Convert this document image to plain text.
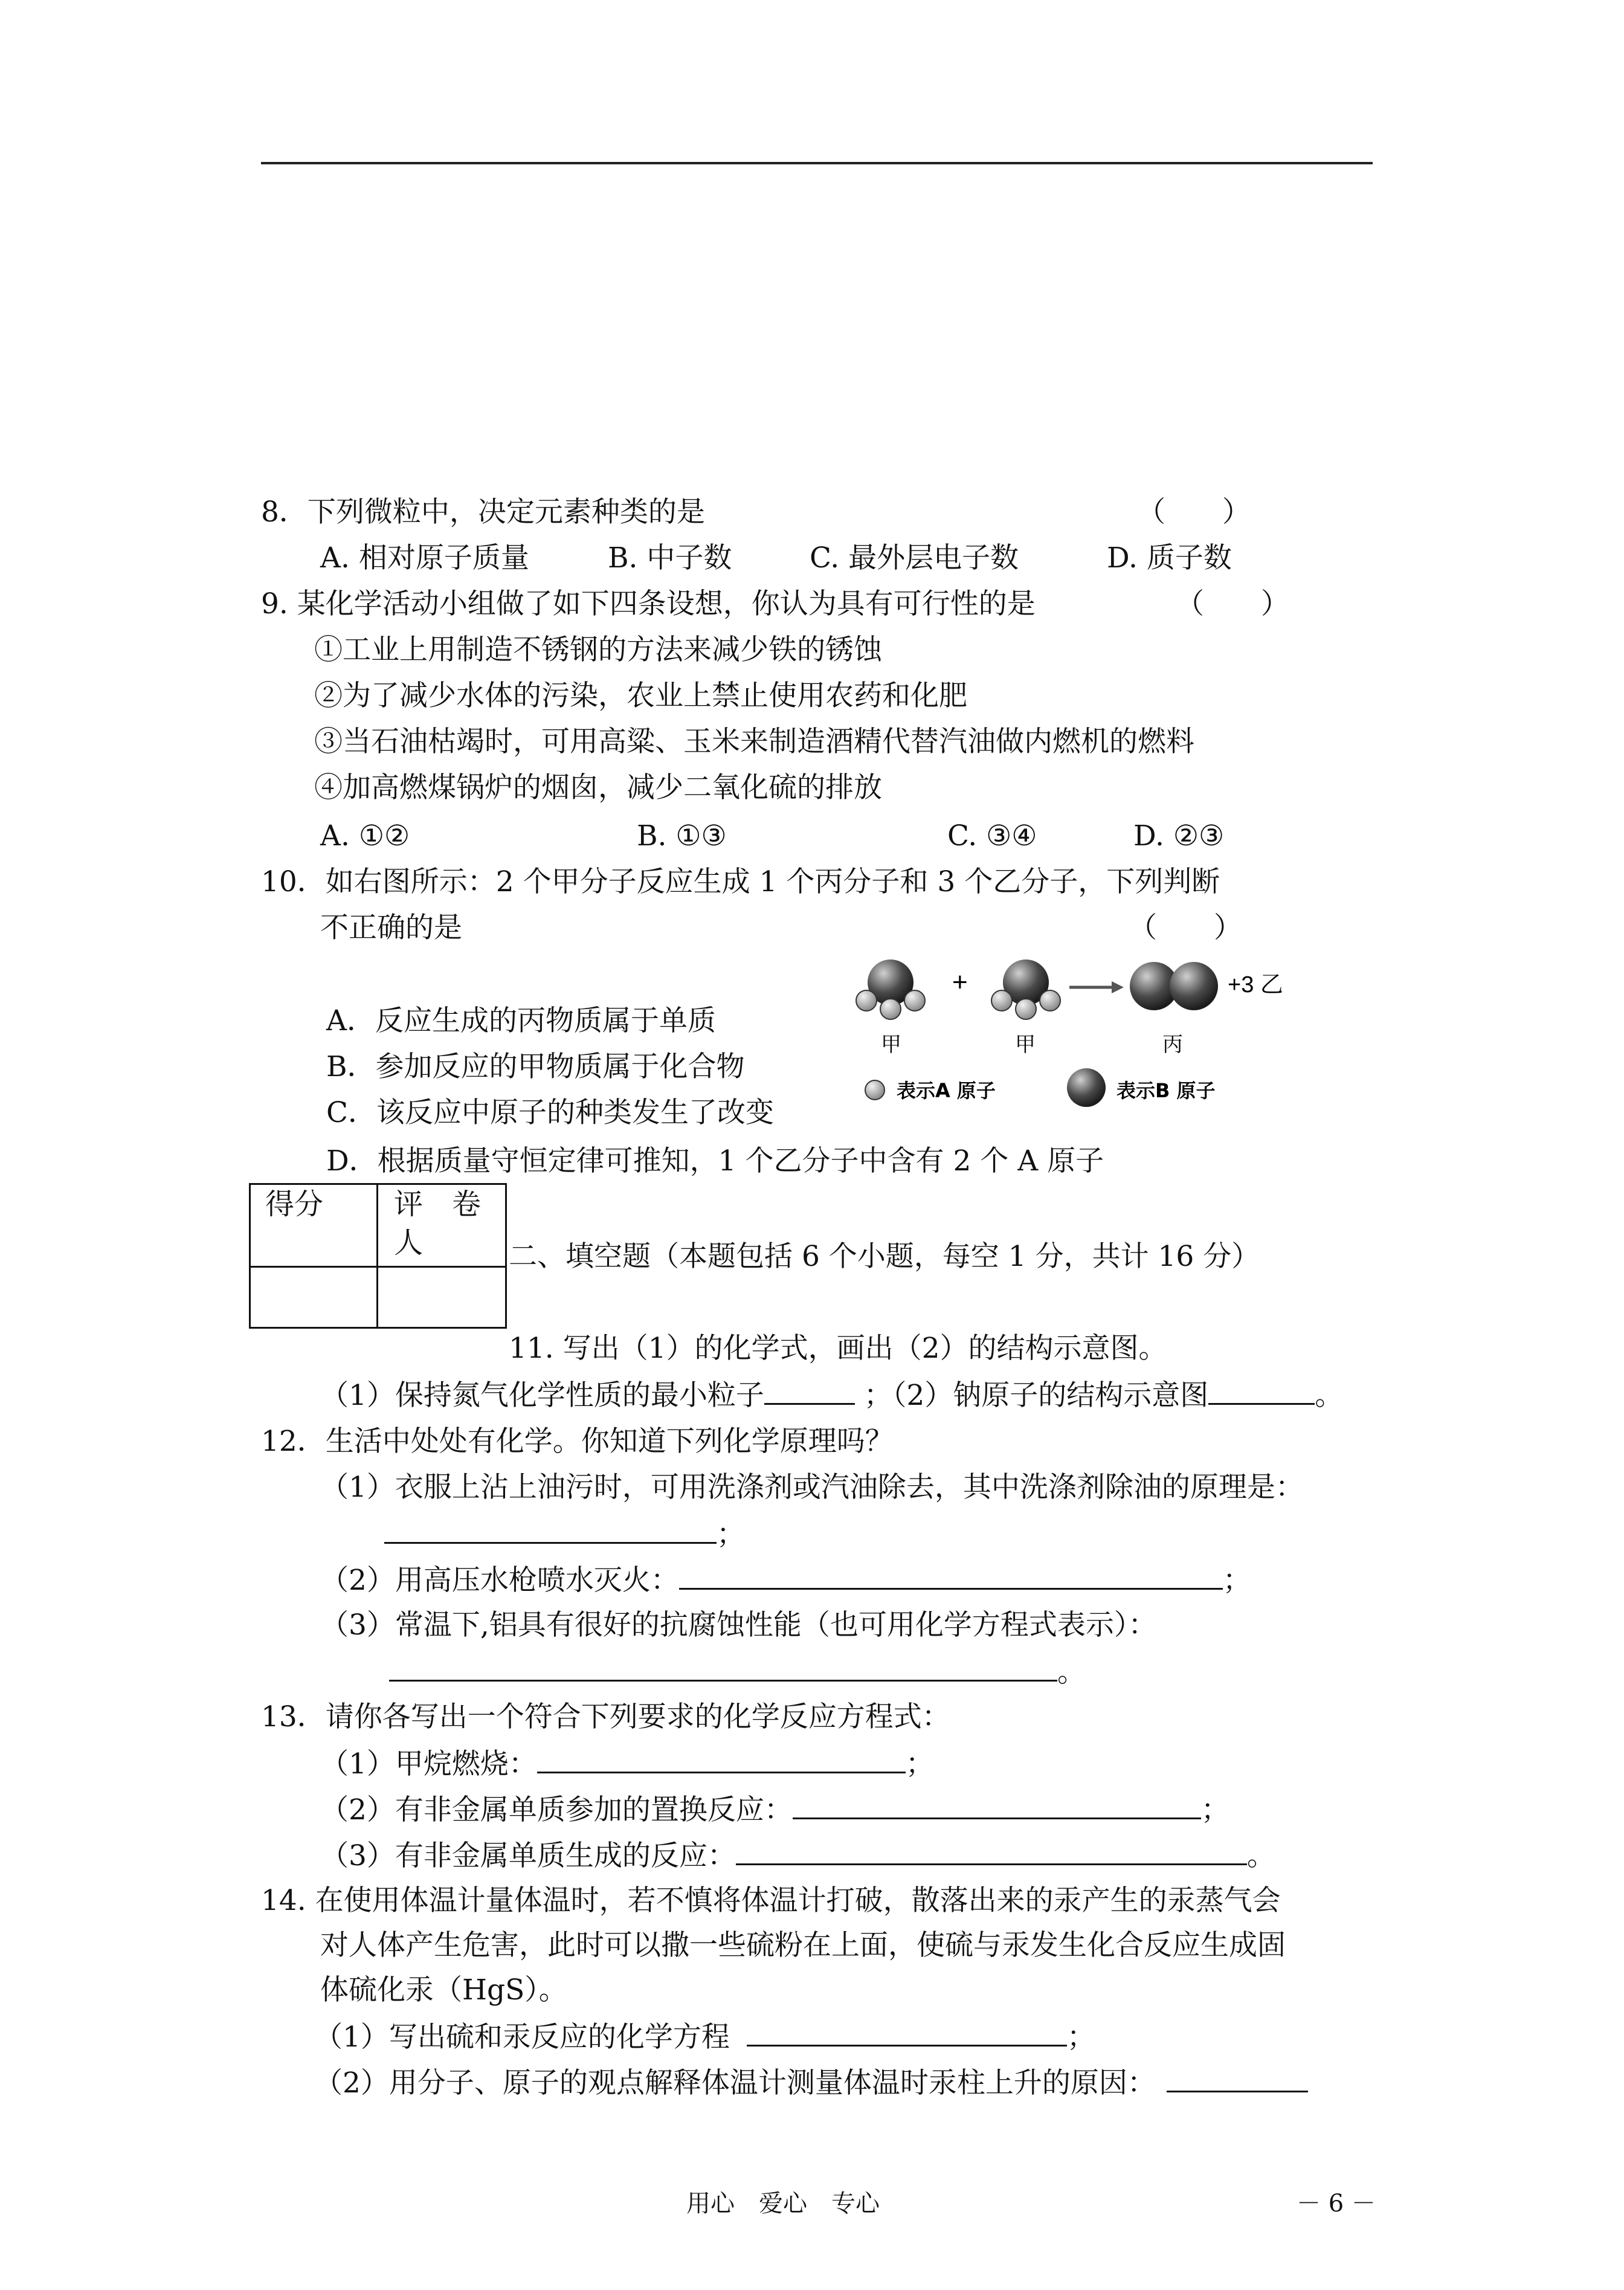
8．下列微粒中，决定元素种类的是	（　　）
A. 相对原子质量	B. 中子数	C. 最外层电子数	D. 质子数
9. 某化学活动小组做了如下四条设想，你认为具有可行性的是	（　　）
①工业上用制造不锈钢的方法来减少铁的锈蚀
②为了减少水体的污染，农业上禁止使用农药和化肥
③当石油枯竭时，可用高粱、玉米来制造酒精代替汽油做内燃机的燃料
④加高燃煤锅炉的烟囱，减少二氧化硫的排放
A. ①②	B. ①③	C. ③④	D. ②③
10．如右图所示：2 个甲分子反应生成 1 个丙分子和 3 个乙分子，下列判断
不正确的是	（　　）
A．反应生成的丙物质属于单质
B．参加反应的甲物质属于化合物
C．该反应中原子的种类发生了改变
D．根据质量守恒定律可推知，1 个乙分子中含有 2 个 A 原子
+	+3 乙
甲	甲	丙
表示A 原子	表示B 原子
得分	评　卷
人

		二、填空题（本题包括 6 个小题，每空 1 分，共计 16 分）
11. 写出（1）的化学式，画出（2）的结构示意图。
（1）保持氮气化学性质的最小粒子	；（2）钠原子的结构示意图	。
12．生活中处处有化学。你知道下列化学原理吗？
（1）衣服上沾上油污时，可用洗涤剂或汽油除去，其中洗涤剂除油的原理是：
；
（2）用高压水枪喷水灭火：	；
（3）常温下,铝具有很好的抗腐蚀性能（也可用化学方程式表示）：
。
13．请你各写出一个符合下列要求的化学反应方程式：
（1）甲烷燃烧：	；
（2）有非金属单质参加的置换反应：	；
（3）有非金属单质生成的反应：	。
14. 在使用体温计量体温时，若不慎将体温计打破，散落出来的汞产生的汞蒸气会
对人体产生危害，此时可以撒一些硫粉在上面，使硫与汞发生化合反应生成固
体硫化汞（HgS）。
（1）写出硫和汞反应的化学方程	；
（2）用分子、原子的观点解释体温计测量体温时汞柱上升的原因：
用心　爱心　专心	－ 6 －
